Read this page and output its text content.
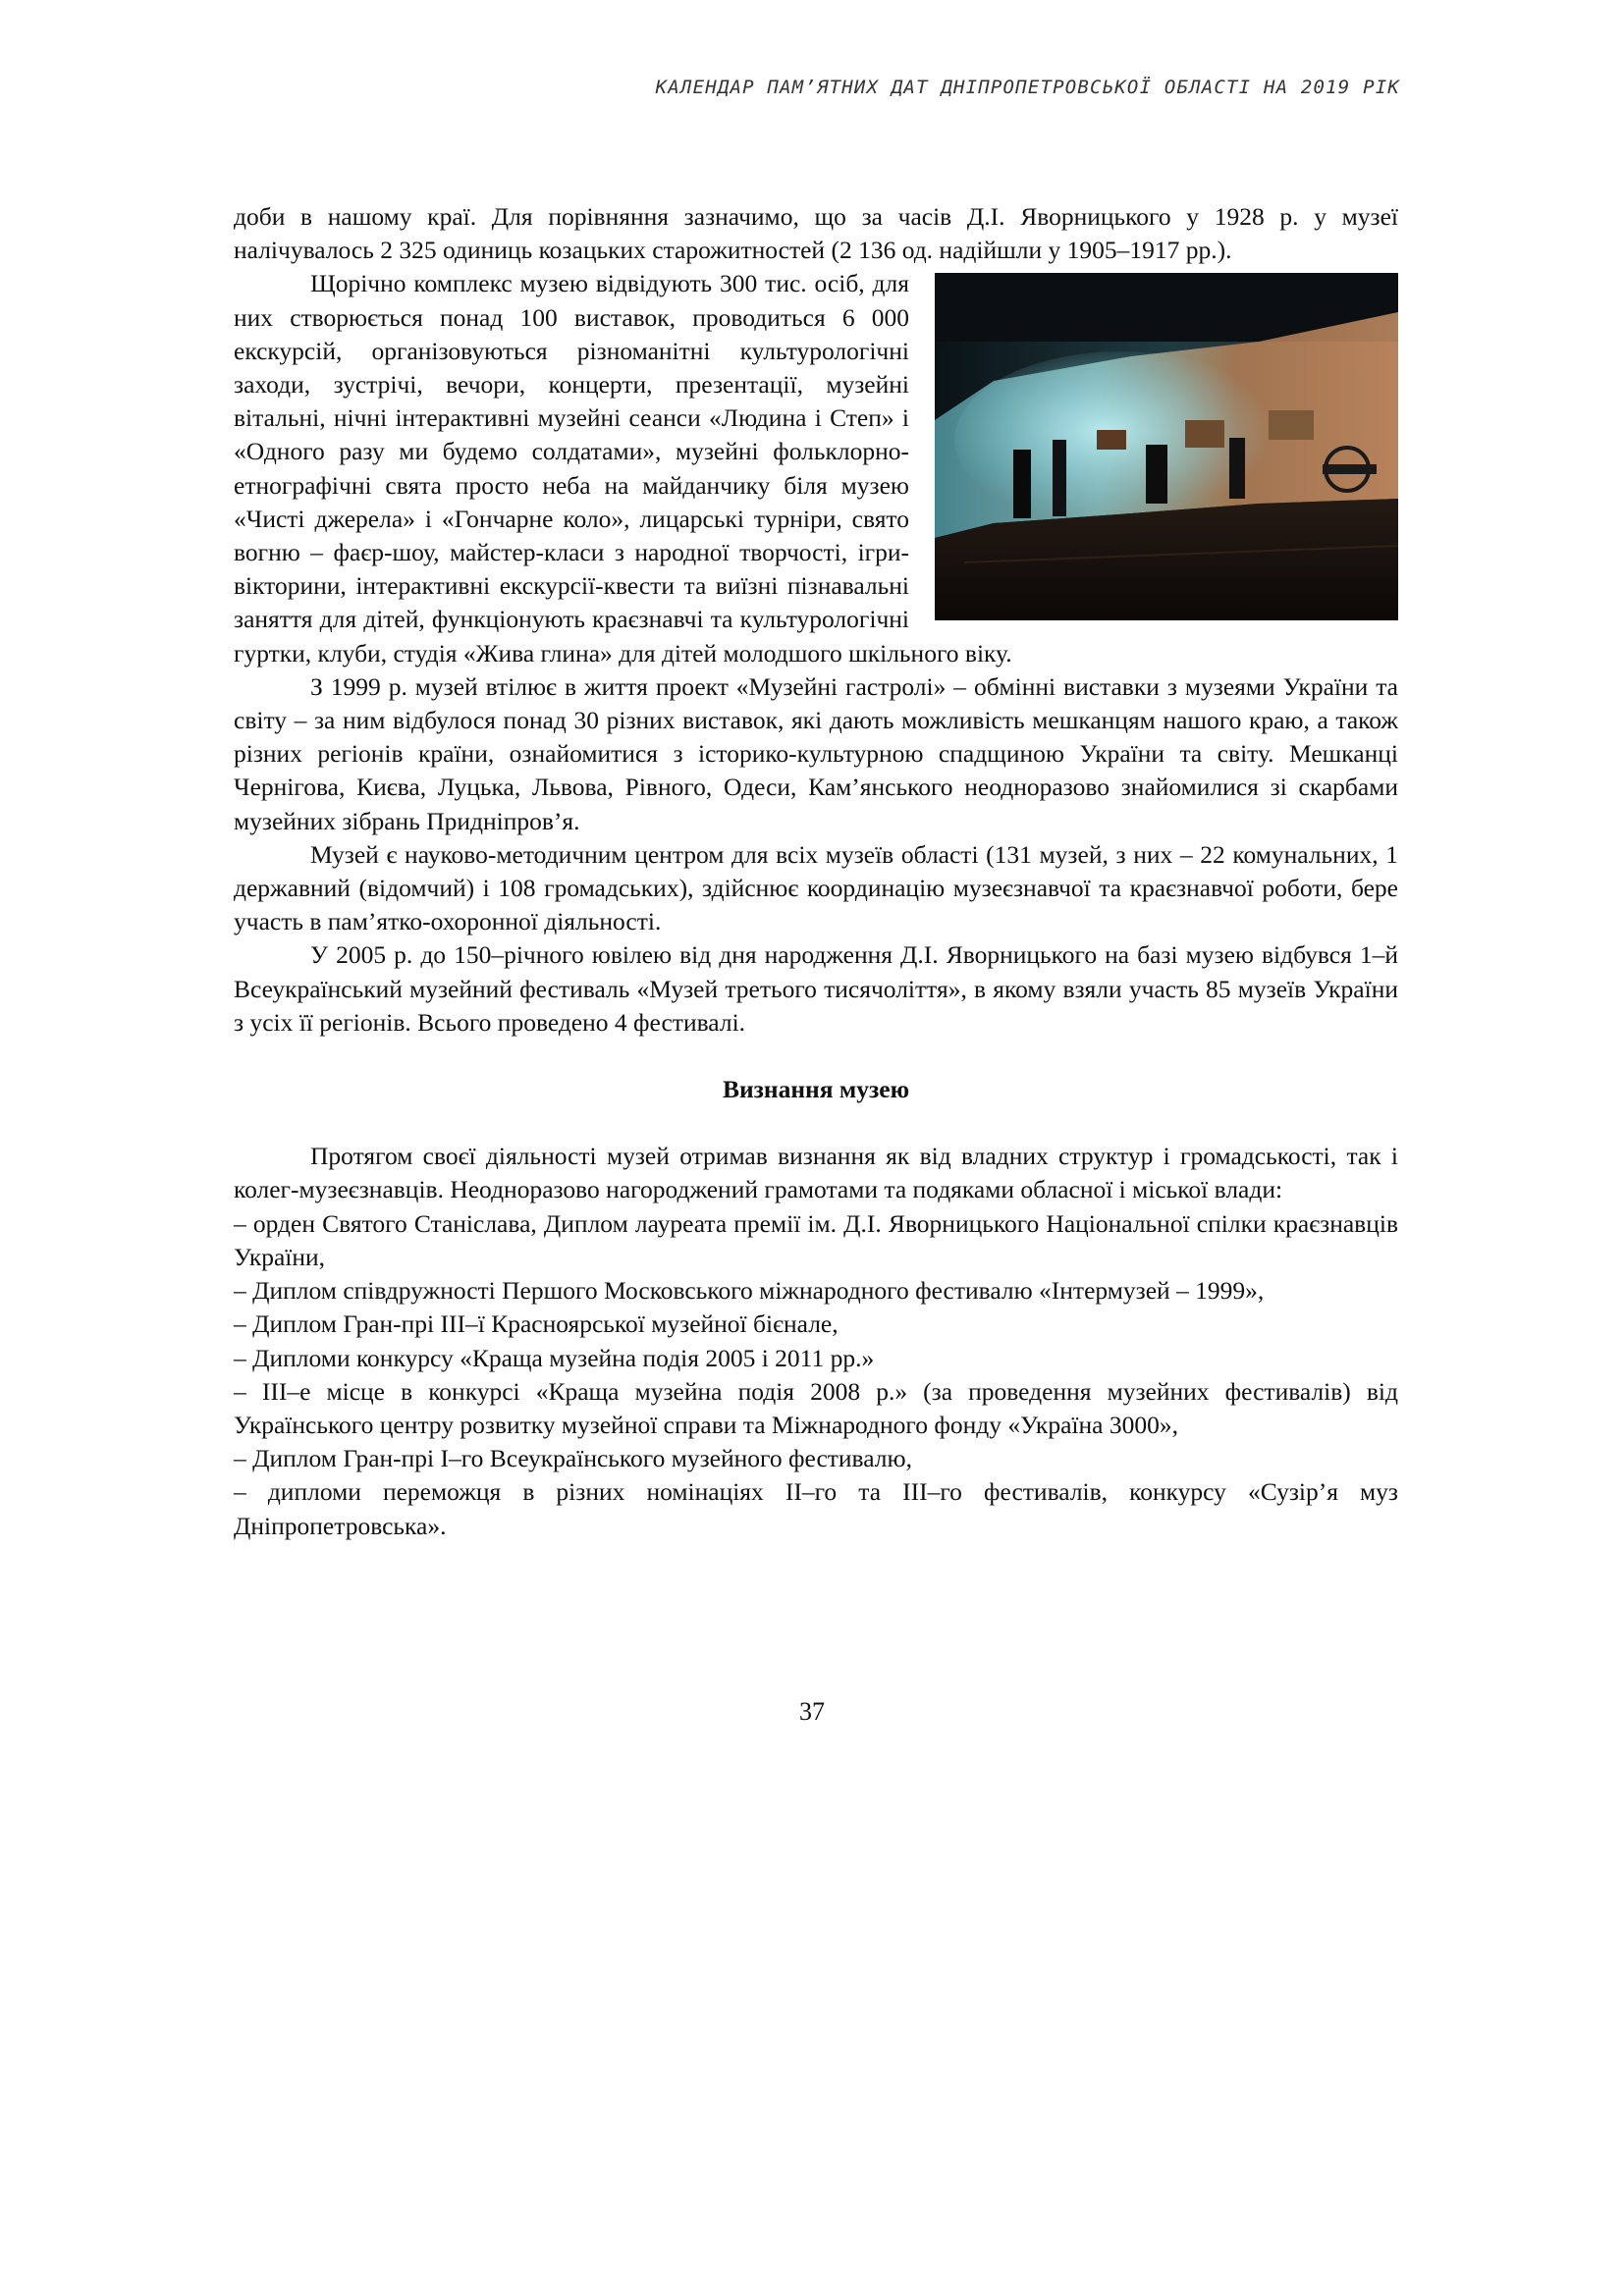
КАЛЕНДАР ПАМ’ЯТНИХ ДАТ ДНІПРОПЕТРОВСЬКОЇ ОБЛАСТІ НА 2019 РІК

доби в нашому краї. Для порівняння зазначимо, що за часів Д.І. Яворницького у 1928 р. у музеї налічувалось 2 325 одиниць козацьких старожитностей (2 136 од. надійшли у 1905–1917 рр.).

Щорічно комплекс музею відвідують 300 тис. осіб, для них створюється понад 100 виставок, проводиться 6 000 екскурсій, організовуються різноманітні культурологічні заходи, зустрічі, вечори, концерти, презентації, музейні вітальні, нічні інтерактивні музейні сеанси «Людина і Степ» і «Одного разу ми будемо солдатами», музейні фольклорно-етнографічні свята просто неба на майданчику біля музею «Чисті джерела» і «Гончарне коло», лицарські турніри, свято вогню – фаєр-шоу, майстер-класи з народної творчості, ігри-вікторини, інтерактивні екскурсії-квести та виїзні пізнавальні заняття для дітей, функціонують краєзнавчі та культурологічні гуртки, клуби, студія «Жива глина» для дітей молодшого шкільного віку.

З 1999 р. музей втілює в життя проект «Музейні гастролі» – обмінні виставки з музеями України та світу – за ним відбулося понад 30 різних виставок, які дають можливість мешканцям нашого краю, а також різних регіонів країни, ознайомитися з історико-культурною спадщиною України та світу. Мешканці Чернігова, Києва, Луцька, Львова, Рівного, Одеси, Кам’янського неодноразово знайомилися зі скарбами музейних зібрань Придніпров’я.

Музей є науково-методичним центром для всіх музеїв області (131 музей, з них – 22 комунальних, 1 державний (відомчий) і 108 громадських), здійснює координацію музеєзнавчої та краєзнавчої роботи, бере участь в пам’ятко-охоронної діяльності.

У 2005 р. до 150–річного ювілею від дня народження Д.І. Яворницького на базі музею відбувся 1–й Всеукраїнський музейний фестиваль «Музей третього тисячоліття», в якому взяли участь 85 музеїв України з усіх її регіонів. Всього проведено 4 фестивалі.

Визнання музею

Протягом своєї діяльності музей отримав визнання як від владних структур і громадськості, так і колег-музеєзнавців. Неодноразово нагороджений грамотами та подяками обласної і міської влади:

– орден Святого Станіслава, Диплом лауреата премії ім. Д.І. Яворницького Національної спілки краєзнавців України,

– Диплом співдружності Першого Московського міжнародного фестивалю «Інтермузей – 1999»,

– Диплом Гран-прі ІІІ–ї Красноярської музейної бієнале,

– Дипломи конкурсу «Краща музейна подія 2005 і 2011 рр.»

– ІІІ–е місце в конкурсі «Краща музейна подія 2008 р.» (за проведення музейних фестивалів) від Українського центру розвитку музейної справи та Міжнародного фонду «Україна 3000»,

– Диплом Гран-прі І–го Всеукраїнського музейного фестивалю,

– дипломи переможця в різних номінаціях ІІ–го та ІІІ–го фестивалів, конкурсу «Сузір’я муз Дніпропетровська».

37
